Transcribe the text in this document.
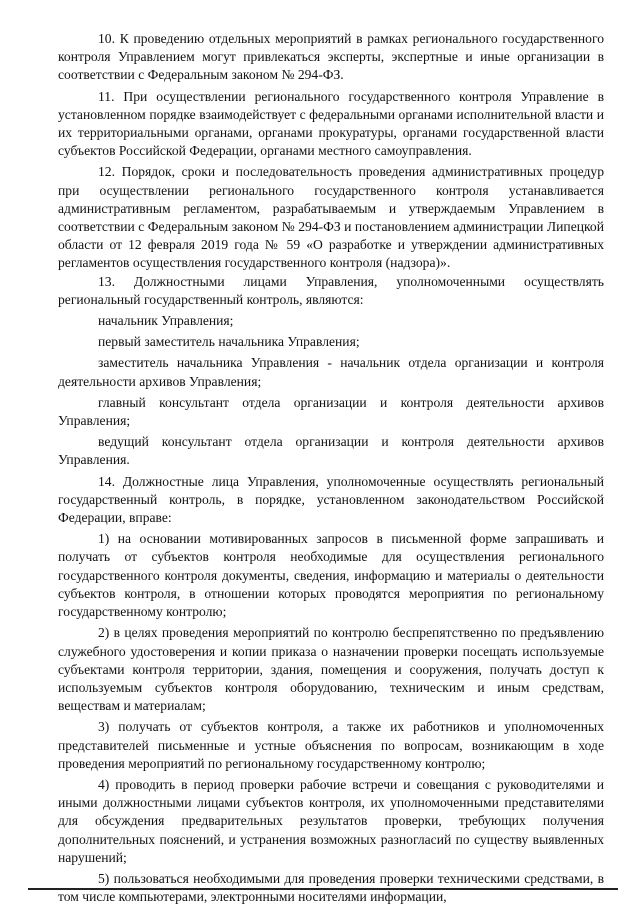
10. К проведению отдельных мероприятий в рамках регионального государственного контроля Управлением могут привлекаться эксперты, экспертные и иные организации в соответствии с Федеральным законом № 294-ФЗ.

11. При осуществлении регионального государственного контроля Управление в установленном порядке взаимодействует с федеральными органами исполнительной власти и их территориальными органами, органами прокуратуры, органами государственной власти субъектов Российской Федерации, органами местного самоуправления.

12. Порядок, сроки и последовательность проведения административных процедур при осуществлении регионального государственного контроля устанавливается административным регламентом, разрабатываемым и утверждаемым Управлением в соответствии с Федеральным законом № 294-ФЗ и постановлением администрации Липецкой области от 12 февраля 2019 года № 59 «О разработке и утверждении административных регламентов осуществления государственного контроля (надзора)».

13. Должностными лицами Управления, уполномоченными осуществлять региональный государственный контроль, являются:

начальник Управления;

первый заместитель начальника Управления;

заместитель начальника Управления - начальник отдела организации и контроля деятельности архивов Управления;

главный консультант отдела организации и контроля деятельности архивов Управления;

ведущий консультант отдела организации и контроля деятельности архивов Управления.

14. Должностные лица Управления, уполномоченные осуществлять региональный государственный контроль, в порядке, установленном законодательством Российской Федерации, вправе:

1) на основании мотивированных запросов в письменной форме запрашивать и получать от субъектов контроля необходимые для осуществления регионального государственного контроля документы, сведения, информацию и материалы о деятельности субъектов контроля, в отношении которых проводятся мероприятия по региональному государственному контролю;

2) в целях проведения мероприятий по контролю беспрепятственно по предъявлению служебного удостоверения и копии приказа о назначении проверки посещать используемые субъектами контроля территории, здания, помещения и сооружения, получать доступ к используемым субъектов контроля оборудованию, техническим и иным средствам, веществам и материалам;

3) получать от субъектов контроля, а также их работников и уполномоченных представителей письменные и устные объяснения по вопросам, возникающим в ходе проведения мероприятий по региональному государственному контролю;

4) проводить в период проверки рабочие встречи и совещания с руководителями и иными должностными лицами субъектов контроля, их уполномоченными представителями для обсуждения предварительных результатов проверки, требующих получения дополнительных пояснений, и устранения возможных разногласий по существу выявленных нарушений;

5) пользоваться необходимыми для проведения проверки техническими средствами, в том числе компьютерами, электронными носителями информации,
